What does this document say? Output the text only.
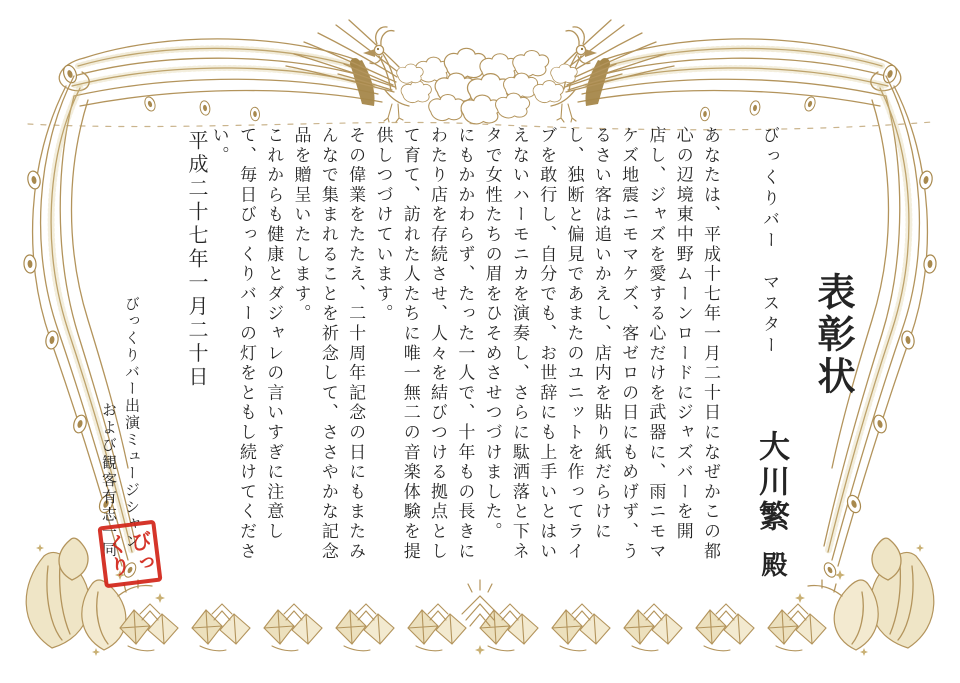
表彰状
びっくりバー　マスター
大川繁
殿
あなたは、平成十七年一月二十日になぜかこの都
心の辺境東中野ムーンロードにジャズバーを開
店し、ジャズを愛する心だけを武器に、雨ニモマ
ケズ地震ニモマケズ、客ゼロの日にもめげず、う
るさい客は追いかえし、店内を貼り紙だらけに
し、独断と偏見であまたのユニットを作ってライ
ブを敢行し、自分でも、お世辞にも上手いとはい
えないハーモニカを演奏し、さらに駄洒落と下ネ
タで女性たちの眉をひそめさせつづけました。
にもかかわらず、たった一人で、十年もの長きに
わたり店を存続させ、人々を結びつける拠点とし
て育て、訪れた人たちに唯一無二の音楽体験を提
供しつづけています。
その偉業をたたえ、二十周年記念の日にもまたみ
んなで集まれることを祈念して、ささやかな記念
品を贈呈いたします。
これからも健康とダジャレの言いすぎに注意し
て、毎日びっくりバーの灯をともし続けてくださ
い。
平成二十七年一月二十日
びっくりバー出演ミュージシャン
および観客有志一同 びっ
くり
